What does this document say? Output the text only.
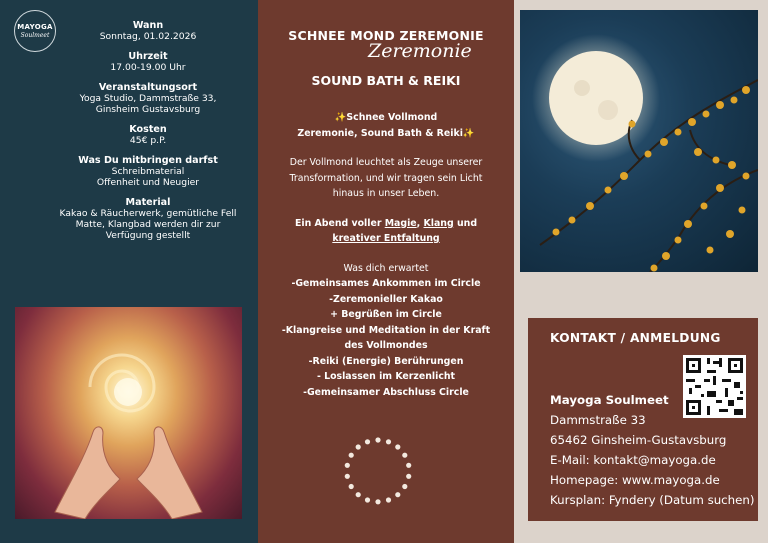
MAYOGA
Soulmeet
Wann
Sonntag, 01.02.2026
Uhrzeit
17.00-19.00 Uhr
Veranstaltungsort
Yoga Studio, Dammstraße 33,
Ginsheim Gustavsburg
Kosten
45€ p.P.
Was Du mitbringen darfst
Schreibmaterial
Offenheit und Neugier
Material
Kakao & Räucherwerk, gemütliche Fell
Matte, Klangbad werden dir zur
Verfügung gestellt
SCHNEE MOND ZEREMONIE
Zeremonie
SOUND BATH & REIKI
✨Schnee Vollmond
Zeremonie, Sound Bath & Reiki✨
Der Vollmond leuchtet als Zeuge unserer
Transformation, und wir tragen sein Licht
hinaus in unser Leben.
Ein Abend voller Magie, Klang und
kreativer Entfaltung
Was dich erwartet
-Gemeinsames Ankommen im Circle
-Zeremonieller Kakao
+ Begrüßen im Circle
-Klangreise und Meditation in der Kraft
des Vollmondes
-Reiki (Energie) Berührungen
- Loslassen im Kerzenlicht
-Gemeinsamer Abschluss Circle
KONTAKT / ANMELDUNG
Mayoga Soulmeet
Dammstraße 33
65462 Ginsheim-Gustavsburg
E-Mail: kontakt@mayoga.de
Homepage: www.mayoga.de
Kursplan: Fyndery (Datum suchen)
